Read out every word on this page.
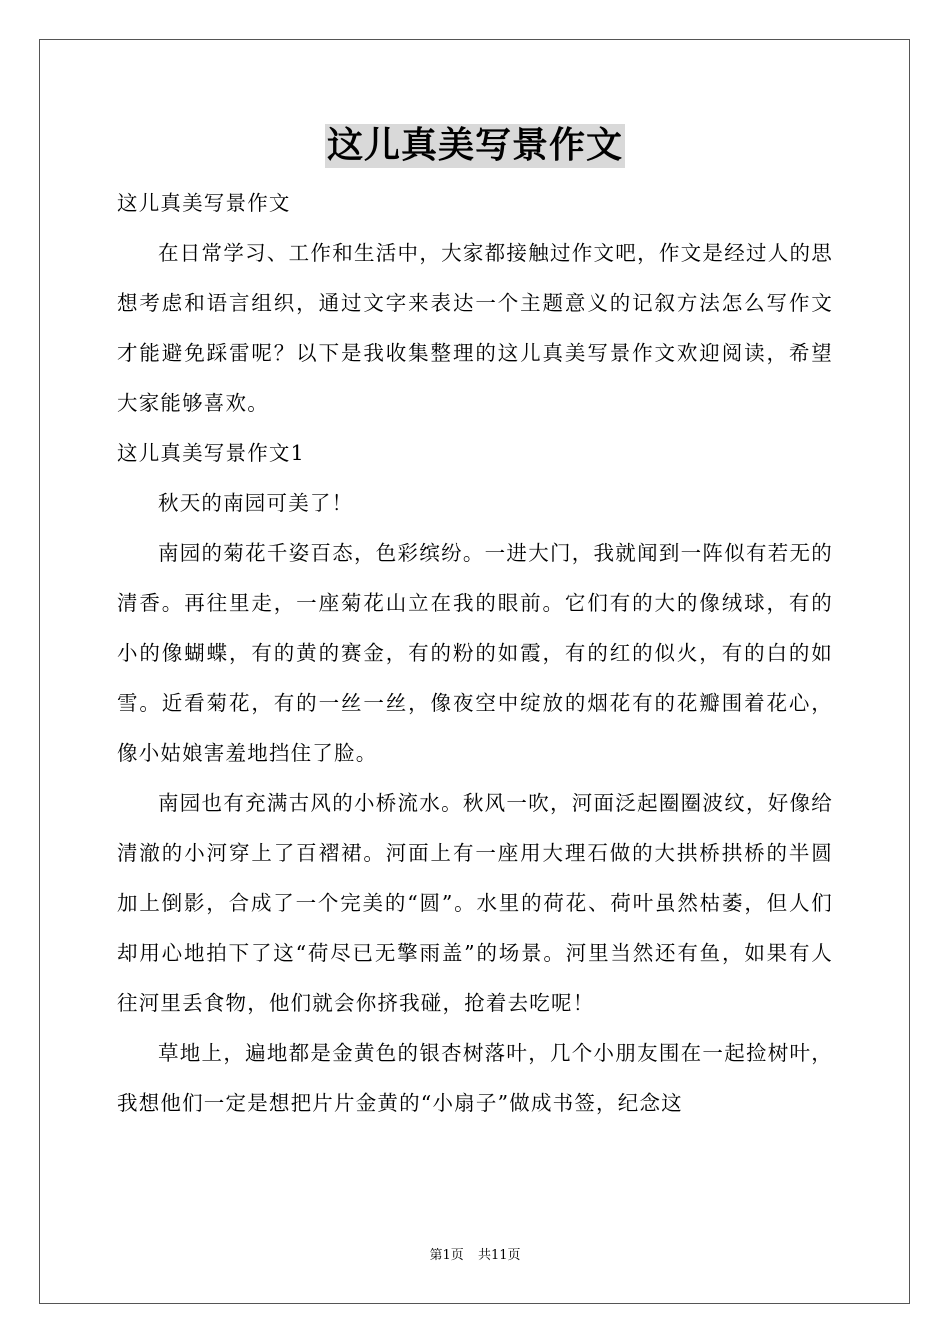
这儿真美写景作文

这儿真美写景作文

在日常学习、工作和生活中，大家都接触过作文吧，作文是经过人的思想考虑和语言组织，通过文字来表达一个主题意义的记叙方法怎么写作文才能避免踩雷呢？以下是我收集整理的这儿真美写景作文欢迎阅读，希望大家能够喜欢。

这儿真美写景作文1

秋天的南园可美了！

南园的菊花千姿百态，色彩缤纷。一进大门，我就闻到一阵似有若无的清香。再往里走，一座菊花山立在我的眼前。它们有的大的像绒球，有的小的像蝴蝶，有的黄的赛金，有的粉的如霞，有的红的似火，有的白的如雪。近看菊花，有的一丝一丝，像夜空中绽放的烟花有的花瓣围着花心，像小姑娘害羞地挡住了脸。

南园也有充满古风的小桥流水。秋风一吹，河面泛起圈圈波纹，好像给清澈的小河穿上了百褶裙。河面上有一座用大理石做的大拱桥拱桥的半圆加上倒影，合成了一个完美的“圆”。水里的荷花、荷叶虽然枯萎，但人们却用心地拍下了这“荷尽已无擎雨盖”的场景。河里当然还有鱼，如果有人往河里丢食物，他们就会你挤我碰，抢着去吃呢！

草地上，遍地都是金黄色的银杏树落叶，几个小朋友围在一起捡树叶，我想他们一定是想把片片金黄的“小扇子”做成书签，纪念这

第1页 共11页
